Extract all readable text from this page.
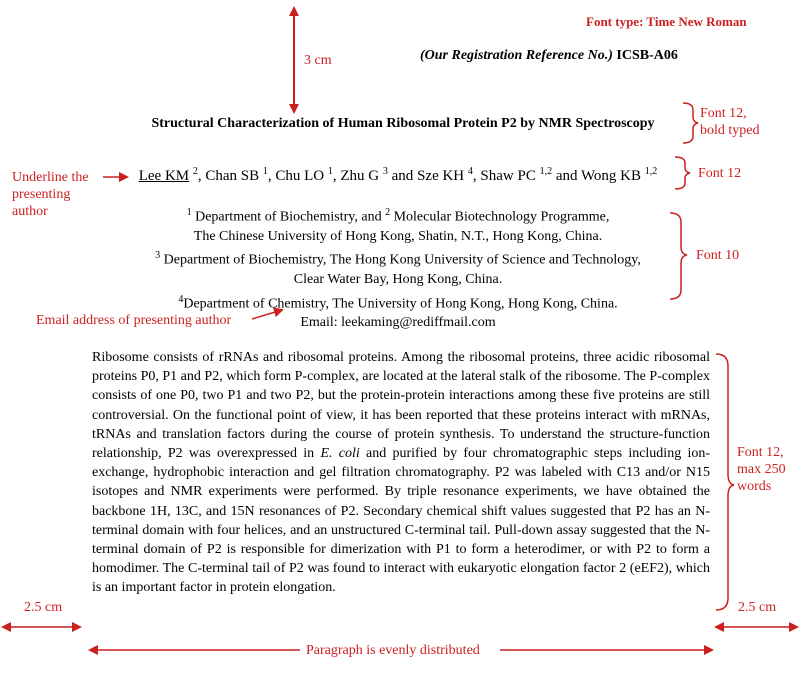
Font type: Time New Roman
3 cm
Font 12,
bold typed
Font 12
Font 10
Underline the
presenting
author
Email address of presenting author
Font 12,
max 250
words
2.5 cm	2.5 cm
Paragraph is evenly distributed
(Our Registration Reference No.) ICSB-A06
Structural Characterization of Human Ribosomal Protein P2 by NMR Spectroscopy
Lee KM $^2$, Chan SB $^1$, Chu LO $^1$, Zhu G $^3$ and Sze KH $^4$, Shaw PC $^{1,2}$ and Wong KB $^{1,2}$
$^1$ Department of Biochemistry, and $^2$ Molecular Biotechnology Programme,
The Chinese University of Hong Kong, Shatin, N.T., Hong Kong, China.
$^3$ Department of Biochemistry, The Hong Kong University of Science and Technology,
Clear Water Bay, Hong Kong, China.
$^4$Department of Chemistry, The University of Hong Kong, Hong Kong, China.
Email: leekaming@rediffmail.com
Ribosome consists of rRNAs and ribosomal proteins. Among the ribosomal proteins, three acidic ribosomal proteins P0, P1 and P2, which form P-complex, are located at the lateral stalk of the ribosome. The P-complex consists of one P0, two P1 and two P2, but the protein-protein interactions among these five proteins are still controversial. On the functional point of view, it has been reported that these proteins interact with mRNAs, tRNAs and translation factors during the course of protein synthesis. To understand the structure-function relationship, P2 was overexpressed in E. coli and purified by four chromatographic steps including ion-exchange, hydrophobic interaction and gel filtration chromatography. P2 was labeled with C13 and/or N15 isotopes and NMR experiments were performed. By triple resonance experiments, we have obtained the backbone 1H, 13C, and 15N resonances of P2. Secondary chemical shift values suggested that P2 has an N-terminal domain with four helices, and an unstructured C-terminal tail. Pull-down assay suggested that the N-terminal domain of P2 is responsible for dimerization with P1 to form a heterodimer, or with P2 to form a homodimer. The C-terminal tail of P2 was found to interact with eukaryotic elongation factor 2 (eEF2), which is an important factor in protein elongation.
